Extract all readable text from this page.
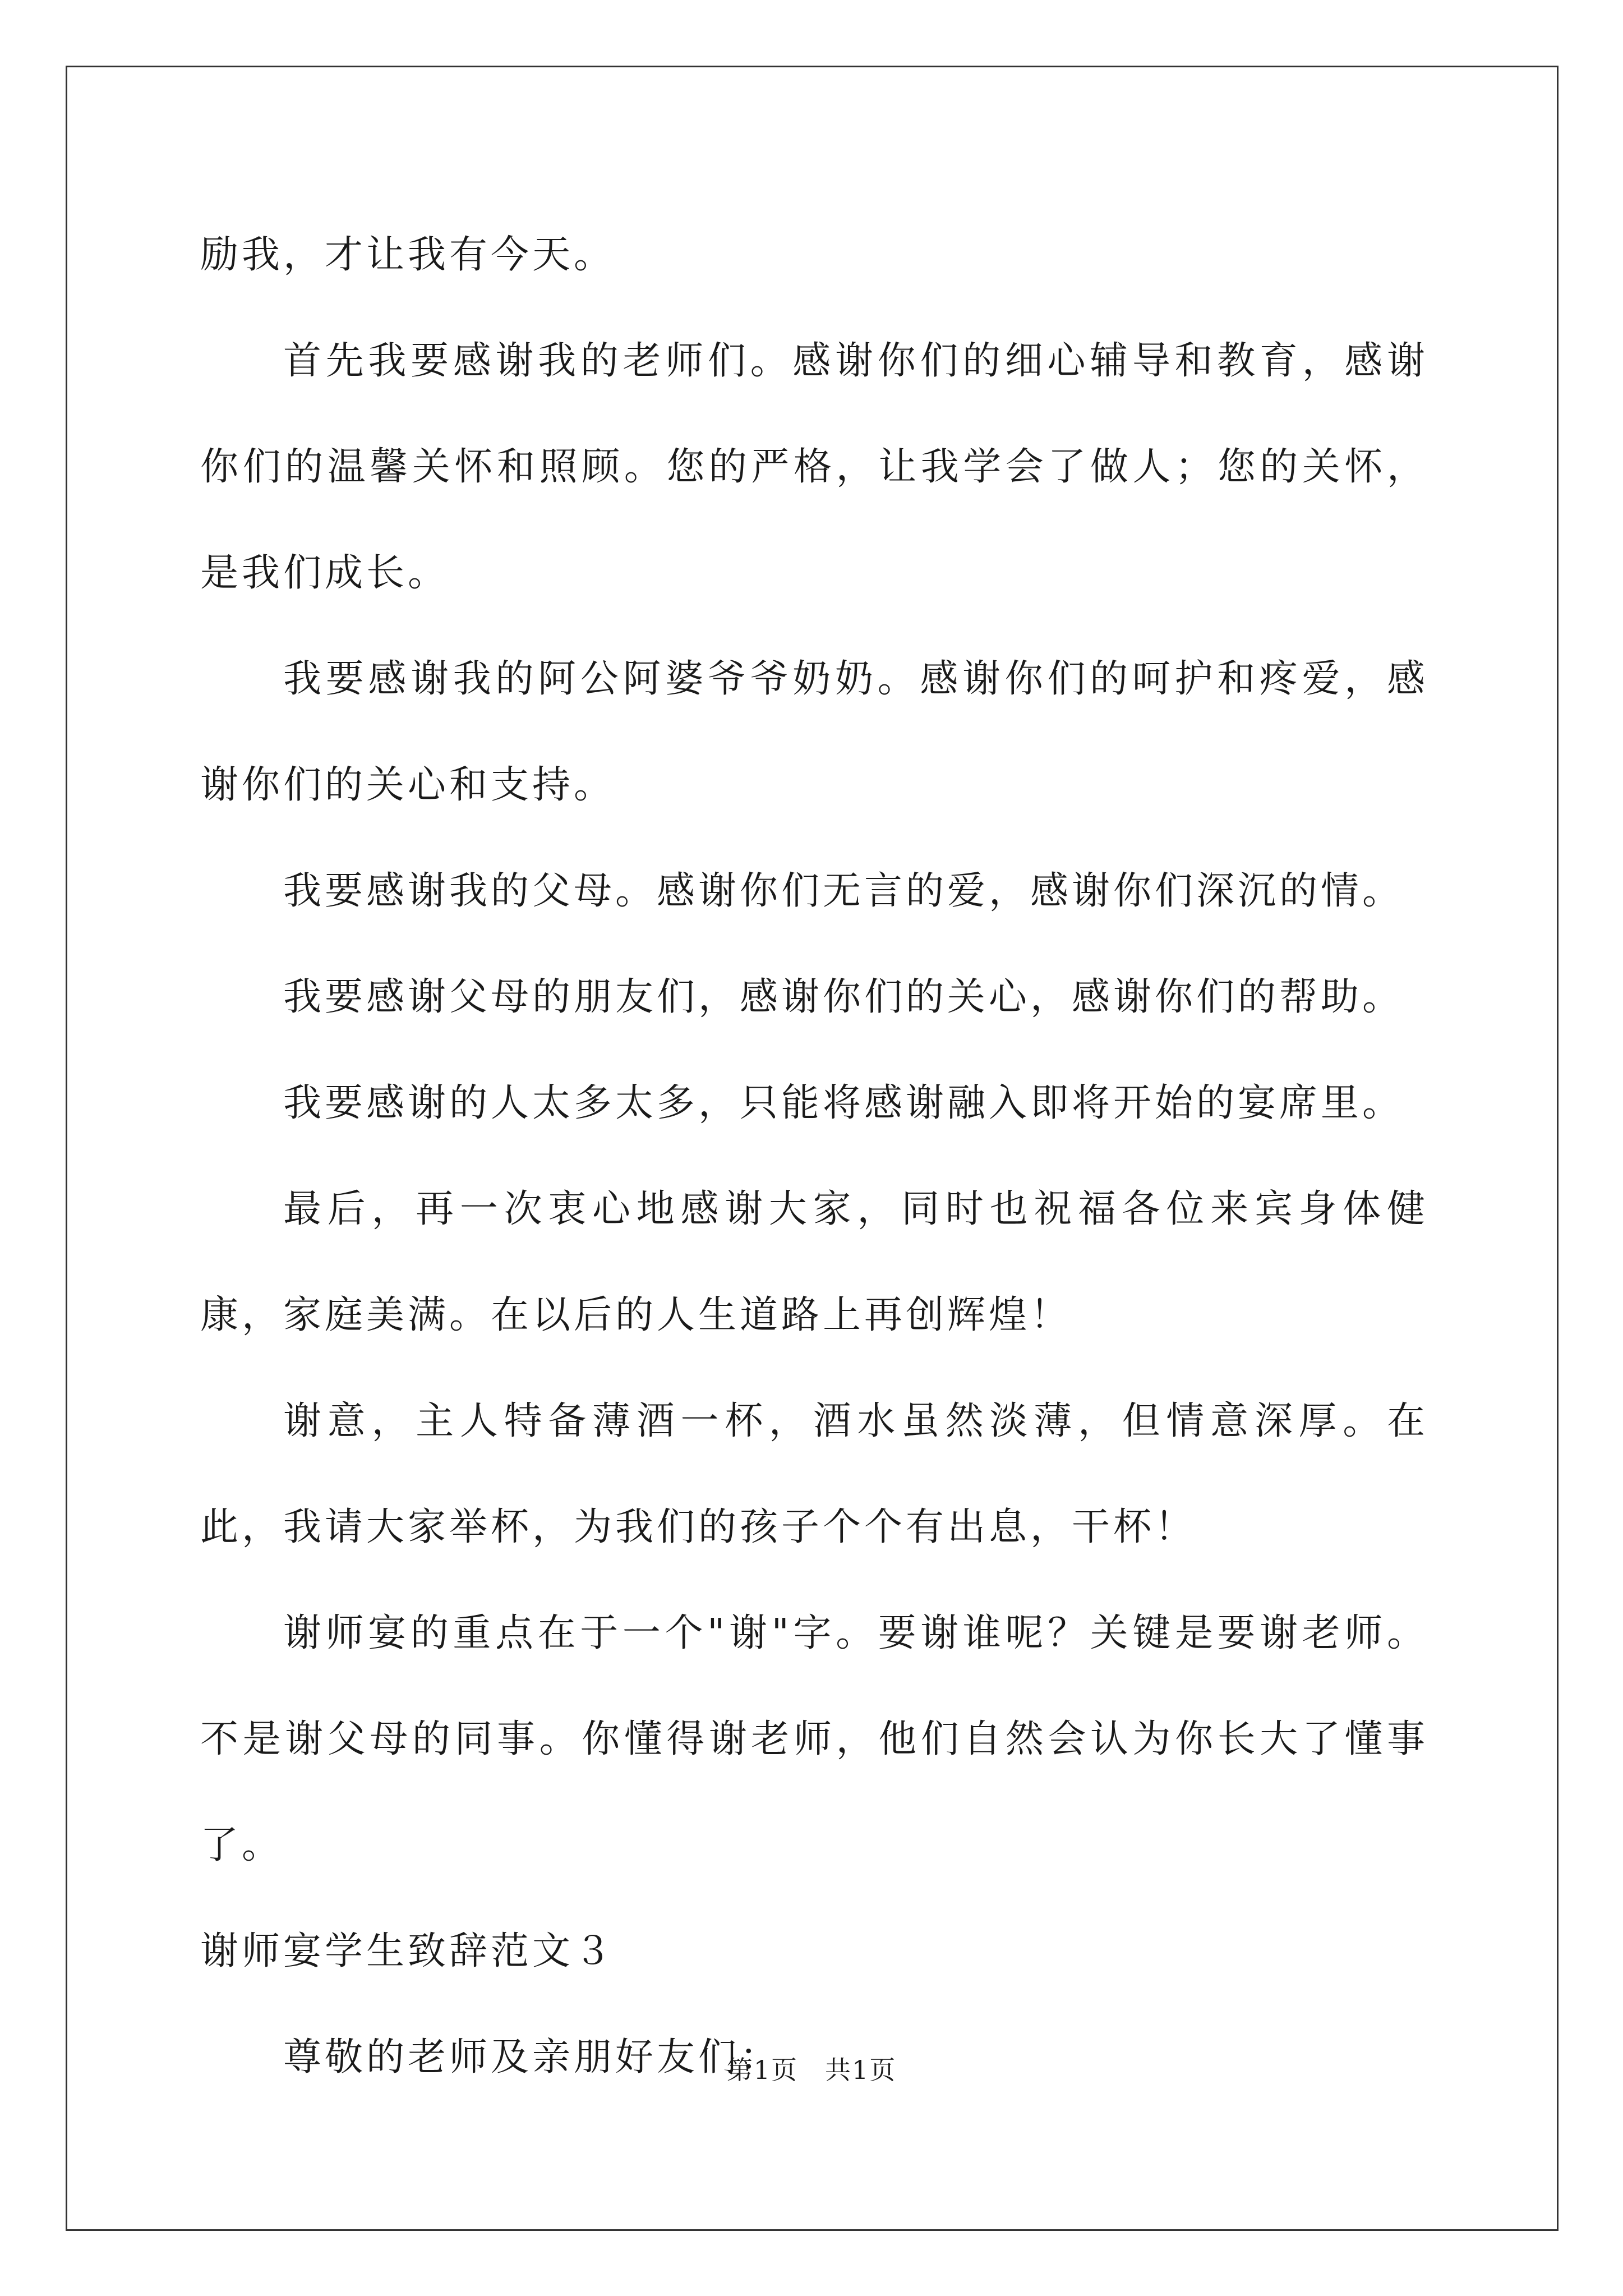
励我，才让我有今天。

首先我要感谢我的老师们。感谢你们的细心辅导和教育，感谢你们的温馨关怀和照顾。您的严格，让我学会了做人；您的关怀，是我们成长。

我要感谢我的阿公阿婆爷爷奶奶。感谢你们的呵护和疼爱，感谢你们的关心和支持。

我要感谢我的父母。感谢你们无言的爱，感谢你们深沉的情。

我要感谢父母的朋友们，感谢你们的关心，感谢你们的帮助。

我要感谢的人太多太多，只能将感谢融入即将开始的宴席里。

最后，再一次衷心地感谢大家，同时也祝福各位来宾身体健康，家庭美满。在以后的人生道路上再创辉煌！

谢意，主人特备薄酒一杯，酒水虽然淡薄，但情意深厚。在此，我请大家举杯，为我们的孩子个个有出息，干杯！

谢师宴的重点在于一个"谢"字。要谢谁呢？关键是要谢老师。不是谢父母的同事。你懂得谢老师，他们自然会认为你长大了懂事了。

谢师宴学生致辞范文３

尊敬的老师及亲朋好友们：

第1页　共1页
